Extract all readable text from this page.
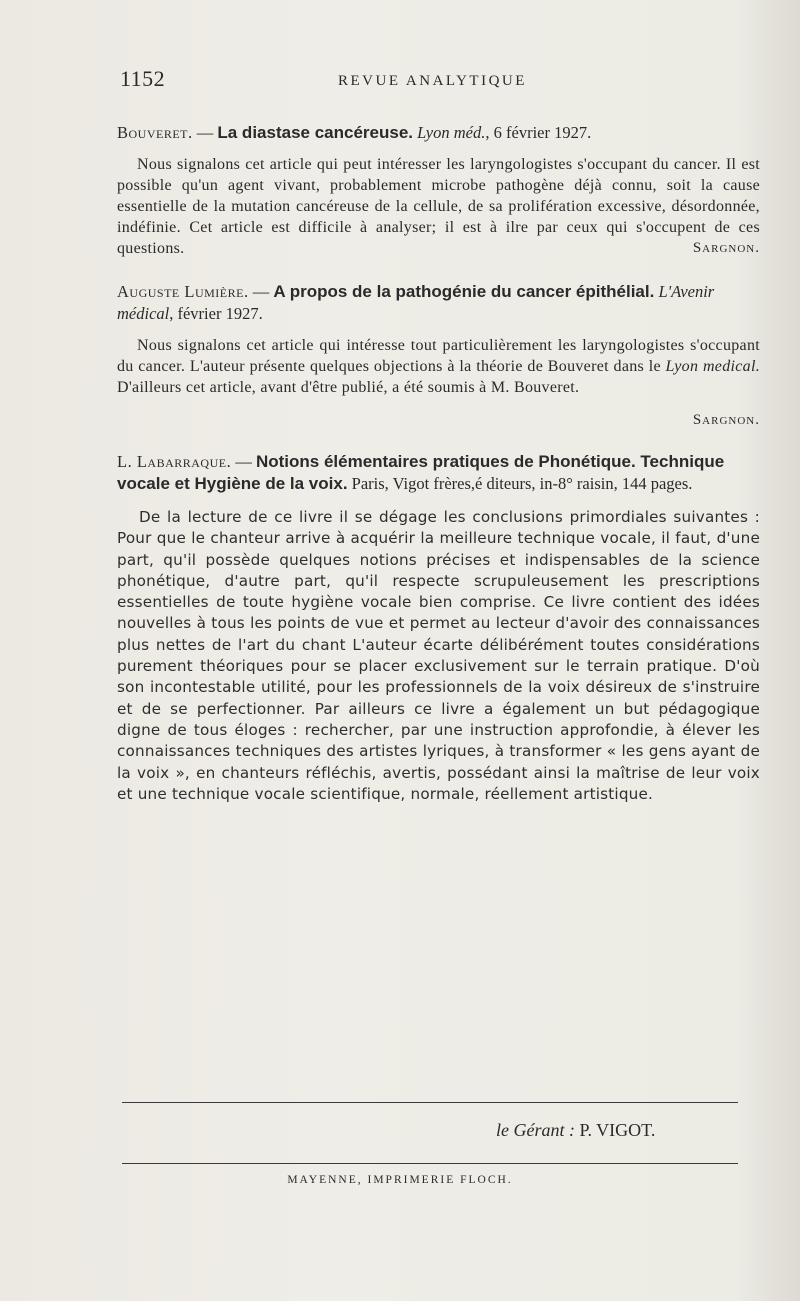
1152	REVUE ANALYTIQUE

Bouveret. — La diastase cancéreuse. Lyon méd., 6 février 1927.

Nous signalons cet article qui peut intéresser les laryngologistes s'occupant du cancer. Il est possible qu'un agent vivant, probablement microbe pathogène déjà connu, soit la cause essentielle de la mutation cancéreuse de la cellule, de sa prolifération excessive, désordonnée, indéfinie. Cet article est difficile à analyser; il est à ilre par ceux qui s'occupent de ces questions.	Sargnon.

Auguste Lumière. — A propos de la pathogénie du cancer épithélial. L'Avenir médical, février 1927.

Nous signalons cet article qui intéresse tout particulièrement les laryngologistes s'occupant du cancer. L'auteur présente quelques objections à la théorie de Bouveret dans le Lyon medical. D'ailleurs cet article, avant d'être publié, a été soumis à M. Bouveret.

Sargnon.

L. Labarraque. — Notions élémentaires pratiques de Phonétique. Technique vocale et Hygiène de la voix. Paris, Vigot frères,é diteurs, in-8° raisin, 144 pages.

De la lecture de ce livre il se dégage les conclusions primordiales suivantes : Pour que le chanteur arrive à acquérir la meilleure technique vocale, il faut, d'une part, qu'il possède quelques notions précises et indispensables de la science phonétique, d'autre part, qu'il respecte scrupuleusement les prescriptions essentielles de toute hygiène vocale bien comprise. Ce livre contient des idées nouvelles à tous les points de vue et permet au lecteur d'avoir des connaissances plus nettes de l'art du chant L'auteur écarte délibérément toutes considérations purement théoriques pour se placer exclusivement sur le terrain pratique. D'où son incontestable utilité, pour les professionnels de la voix désireux de s'instruire et de se perfectionner. Par ailleurs ce livre a également un but pédagogique digne de tous éloges : rechercher, par une instruction approfondie, à élever les connaissances techniques des artistes lyriques, à transformer « les gens ayant de la voix », en chanteurs réfléchis, avertis, possédant ainsi la maîtrise de leur voix et une technique vocale scientifique, normale, réellement artistique.

le Gérant : P. VIGOT.
MAYENNE, IMPRIMERIE FLOCH.
